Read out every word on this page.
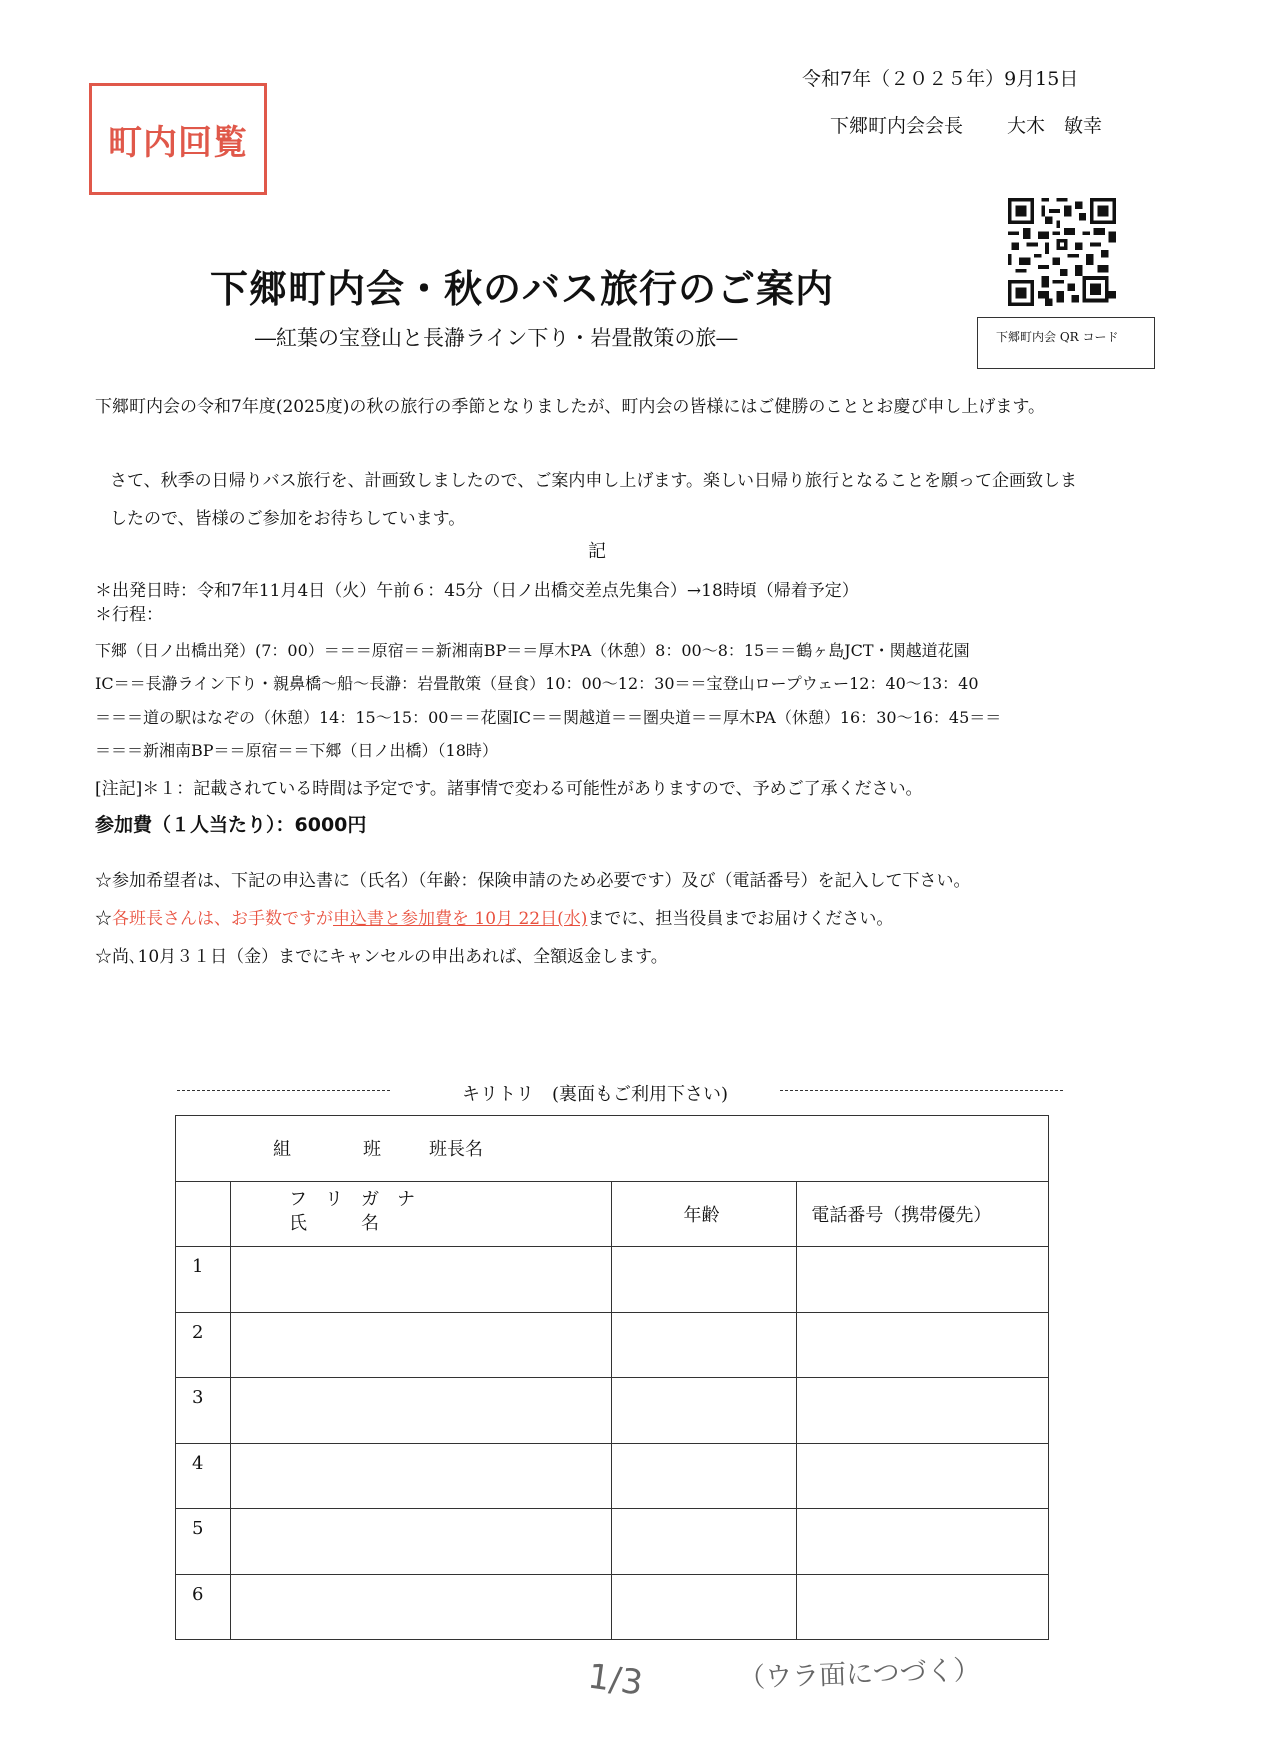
町内回覧
令和7年（２０２５年）9月15日
下郷町内会会長 大木　敏幸
下郷町内会 QR コード
下郷町内会・秋のバス旅行のご案内
―紅葉の宝登山と長瀞ライン下り・岩畳散策の旅―
下郷町内会の令和7年度(2025度)の秋の旅行の季節となりましたが、町内会の皆様にはご健勝のこととお慶び申し上げます。
さて、秋季の日帰りバス旅行を、計画致しましたので、ご案内申し上げます。楽しい日帰り旅行となることを願って企画致しましたので、皆様のご参加をお待ちしています。
記
＊出発日時：令和7年11月4日（火）午前６：45分（日ノ出橋交差点先集合）→18時頃（帰着予定）
＊行程：
下郷（日ノ出橋出発）(7：00）＝＝＝原宿＝＝新湘南BP＝＝厚木PA（休憩）8：00～8：15＝＝鶴ヶ島JCT・関越道花園
IC＝＝長瀞ライン下り・親鼻橋～船～長瀞：岩畳散策（昼食）10：00～12：30＝＝宝登山ロープウェー12：40～13：40
＝＝＝道の駅はなぞの（休憩）14：15～15：00＝＝花園IC＝＝関越道＝＝圏央道＝＝厚木PA（休憩）16：30～16：45＝＝
＝＝＝新湘南BP＝＝原宿＝＝下郷（日ノ出橋）（18時）
[注記]＊１：記載されている時間は予定です。諸事情で変わる可能性がありますので、予めご了承ください。
参加費（１人当たり）：6000円
☆参加希望者は、下記の申込書に（氏名）（年齢：保険申請のため必要です）及び（電話番号）を記入して下さい。
☆各班長さんは、お手数ですが申込書と参加費を 10月 22日(水)までに、担当役員までお届けください。
☆尚､10月３１日（金）までにキャンセルの申出あれば、全額返金します。
キリトリ　(裏面もご利用下さい)
組 班 班長名			

	フ　リ　ガ　ナ
氏　　　名	年齢	電話番号（携帯優先）
1			
2			
3			
4			
5			
6			
1/3	（ウラ面につづく）
